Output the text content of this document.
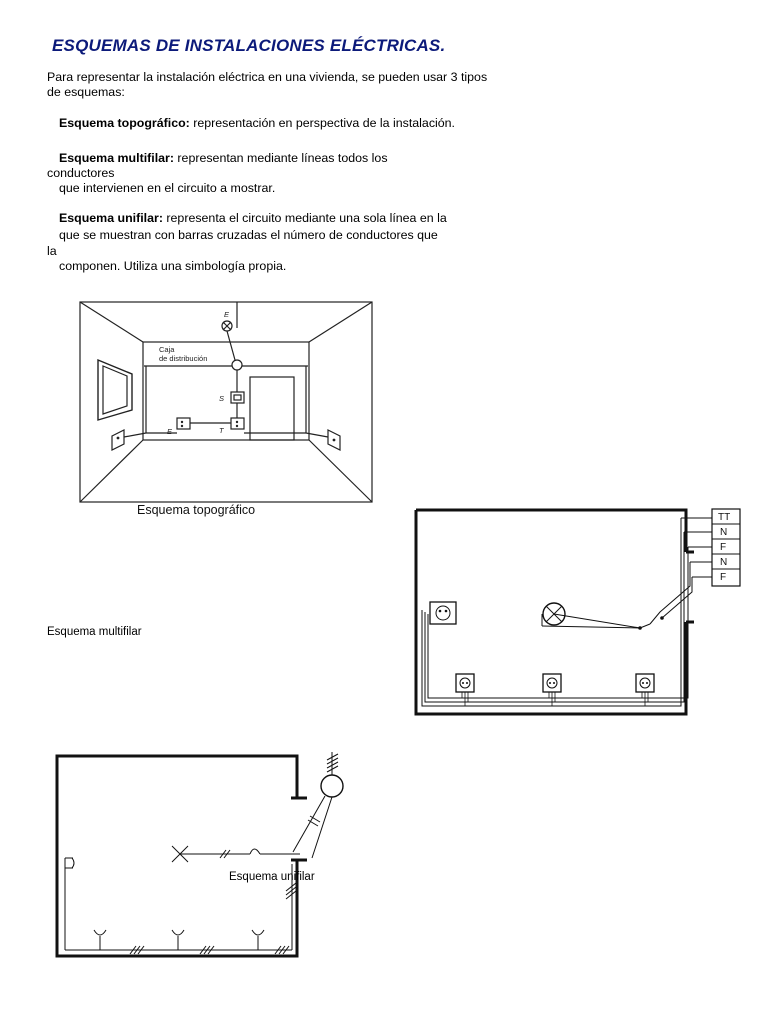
ESQUEMAS DE INSTALACIONES ELÉCTRICAS.
Para representar la instalación eléctrica en una vivienda, se pueden usar 3 tipos
de esquemas:
Esquema topográfico: representación en perspectiva de la instalación.
Esquema multifilar: representan mediante líneas todos los
conductores
que intervienen en el circuito a mostrar.
Esquema unifilar: representa el circuito mediante una sola línea en la
que se muestran con barras cruzadas el número de conductores que
la
componen. Utiliza una simbología propia.
Caja
de distribución
E
S
T
E
Esquema topográfico
TT
N
F
N
F
Esquema multifilar
Esquema unifilar
